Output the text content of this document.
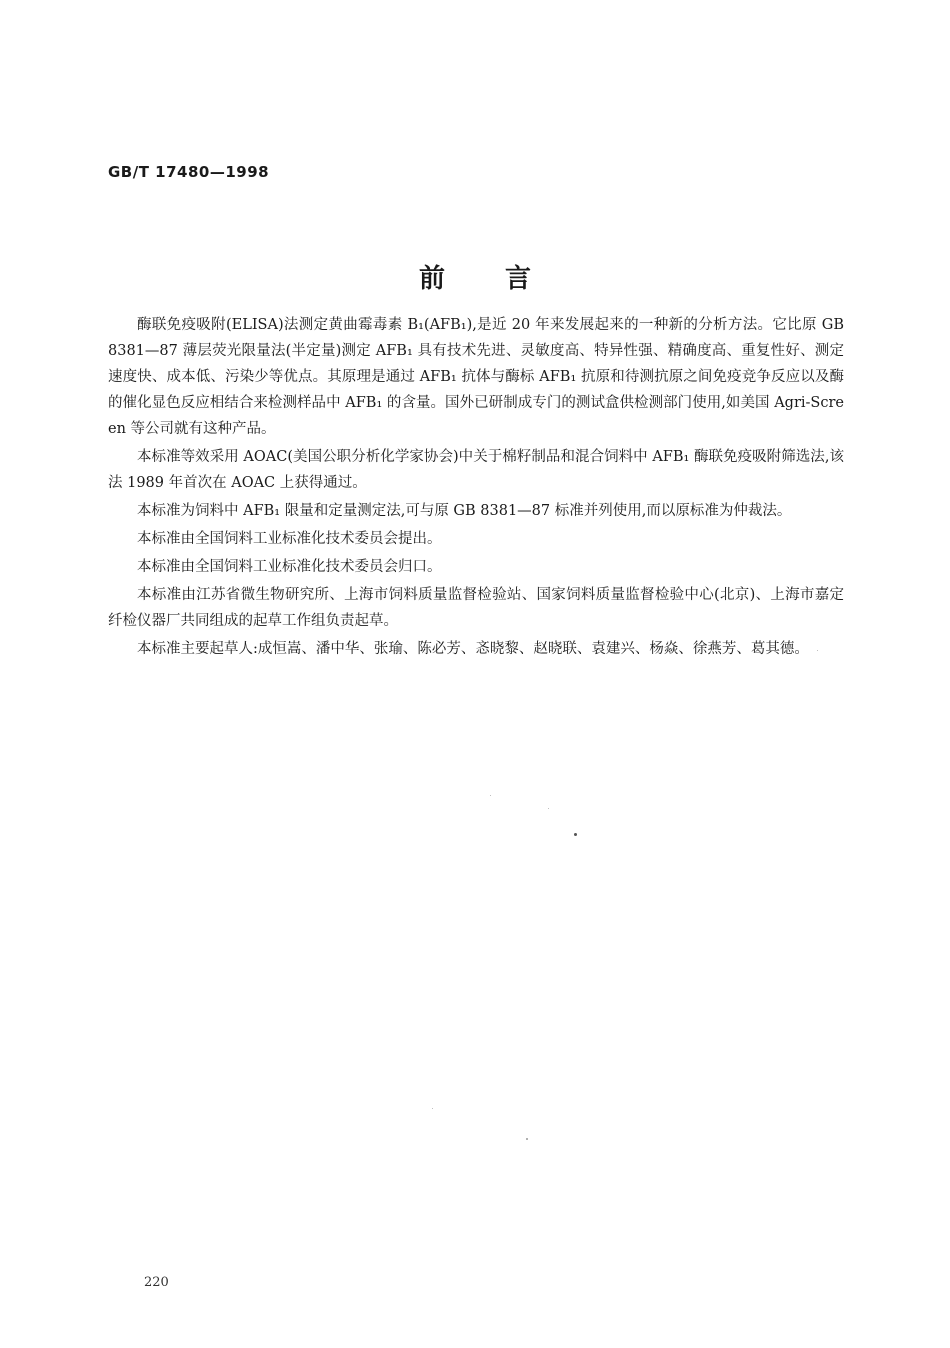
GB/T 17480—1998
前言

酶联免疫吸附(ELISA)法测定黄曲霉毒素 B₁(AFB₁),是近 20 年来发展起来的一种新的分析方法。它比原 GB 8381—87 薄层荧光限量法(半定量)测定 AFB₁ 具有技术先进、灵敏度高、特异性强、精确度高、重复性好、测定速度快、成本低、污染少等优点。其原理是通过 AFB₁ 抗体与酶标 AFB₁ 抗原和待测抗原之间免疫竞争反应以及酶的催化显色反应相结合来检测样品中 AFB₁ 的含量。国外已研制成专门的测试盒供检测部门使用,如美国 Agri-Screen 等公司就有这种产品。

本标准等效采用 AOAC(美国公职分析化学家协会)中关于棉籽制品和混合饲料中 AFB₁ 酶联免疫吸附筛选法,该法 1989 年首次在 AOAC 上获得通过。

本标准为饲料中 AFB₁ 限量和定量测定法,可与原 GB 8381—87 标准并列使用,而以原标准为仲裁法。

本标准由全国饲料工业标准化技术委员会提出。

本标准由全国饲料工业标准化技术委员会归口。

本标准由江苏省微生物研究所、上海市饲料质量监督检验站、国家饲料质量监督检验中心(北京)、上海市嘉定纤检仪器厂共同组成的起草工作组负责起草。

本标准主要起草人:成恒嵩、潘中华、张瑜、陈必芳、忞晓黎、赵晓联、袁建兴、杨焱、徐燕芳、葛其德。

220
